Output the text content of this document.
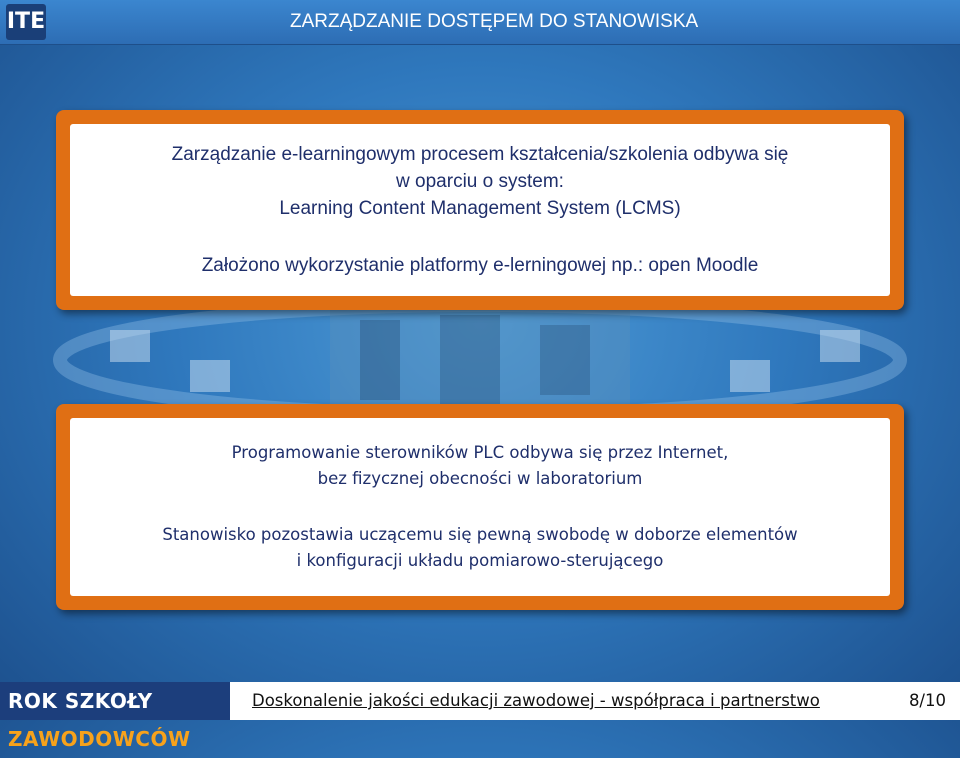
ITE	ZARZĄDZANIE DOSTĘPEM DO STANOWISKA
Zarządzanie e-learningowym procesem kształcenia/szkolenia odbywa się
w oparciu o system:
Learning Content Management System (LCMS)
Założono wykorzystanie platformy e-lerningowej np.: open Moodle
Programowanie sterowników PLC odbywa się przez Internet,
bez fizycznej obecności w laboratorium
Stanowisko pozostawia uczącemu się pewną swobodę w doborze elementów
i konfiguracji układu pomiarowo-sterującego
ROK SZKOŁY ZAWODOWCÓW
Doskonalenie jakości edukacji zawodowej - współpraca i partnerstwo	8/10
